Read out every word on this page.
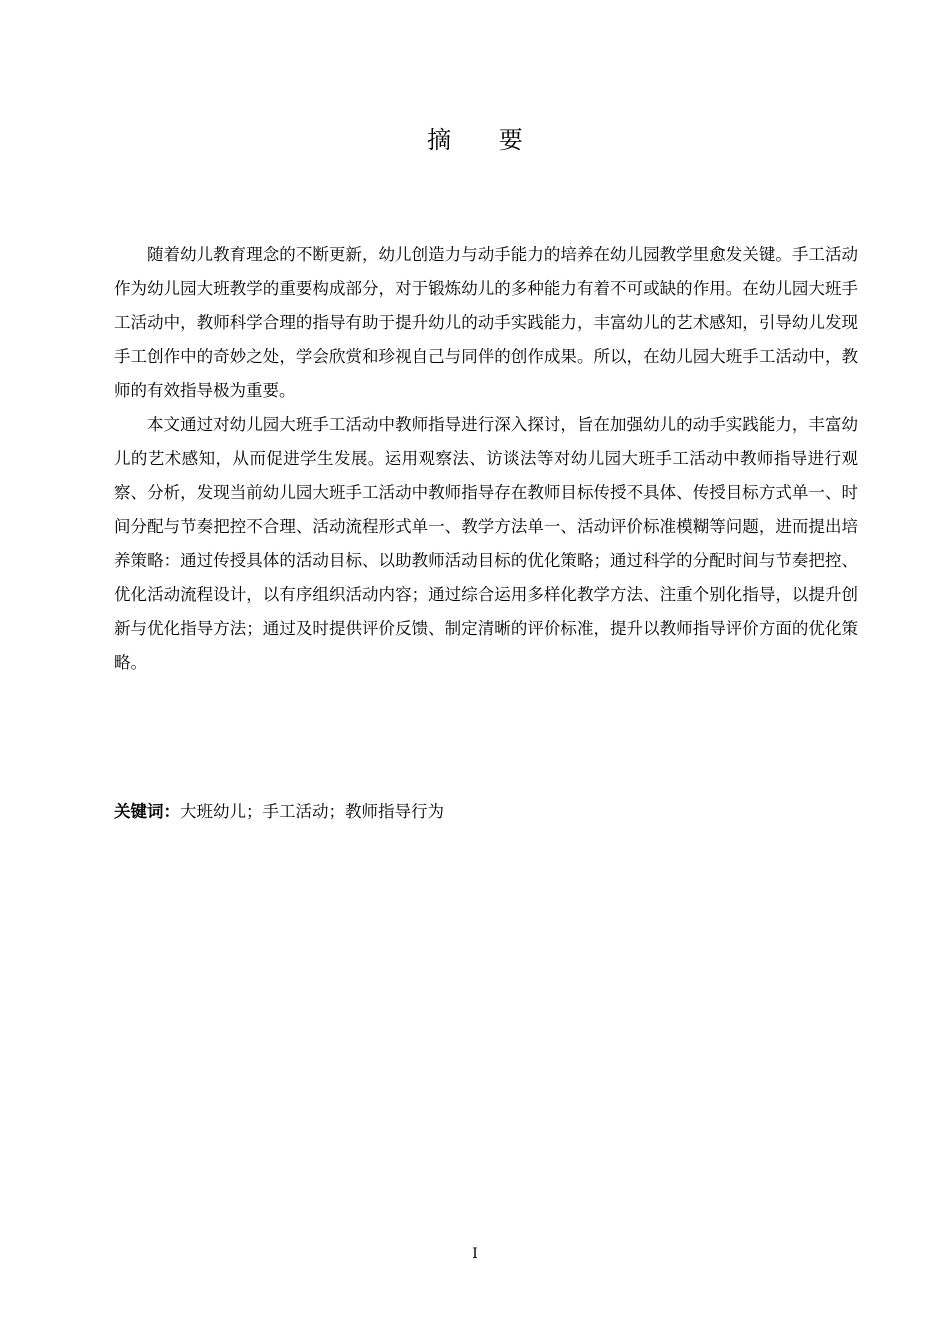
摘 要

随着幼儿教育理念的不断更新，幼儿创造力与动手能力的培养在幼儿园教学里愈发关键。手工活动作为幼儿园大班教学的重要构成部分，对于锻炼幼儿的多种能力有着不可或缺的作用。在幼儿园大班手工活动中，教师科学合理的指导有助于提升幼儿的动手实践能力，丰富幼儿的艺术感知，引导幼儿发现手工创作中的奇妙之处，学会欣赏和珍视自己与同伴的创作成果。所以，在幼儿园大班手工活动中，教师的有效指导极为重要。

本文通过对幼儿园大班手工活动中教师指导进行深入探讨，旨在加强幼儿的动手实践能力，丰富幼儿的艺术感知，从而促进学生发展。运用观察法、访谈法等对幼儿园大班手工活动中教师指导进行观察、分析，发现当前幼儿园大班手工活动中教师指导存在教师目标传授不具体、传授目标方式单一、时间分配与节奏把控不合理、活动流程形式单一、教学方法单一、活动评价标准模糊等问题，进而提出培养策略：通过传授具体的活动目标、以助教师活动目标的优化策略；通过科学的分配时间与节奏把控、优化活动流程设计，以有序组织活动内容；通过综合运用多样化教学方法、注重个别化指导，以提升创新与优化指导方法；通过及时提供评价反馈、制定清晰的评价标准，提升以教师指导评价方面的优化策略。

关键词：大班幼儿；手工活动；教师指导行为
I
